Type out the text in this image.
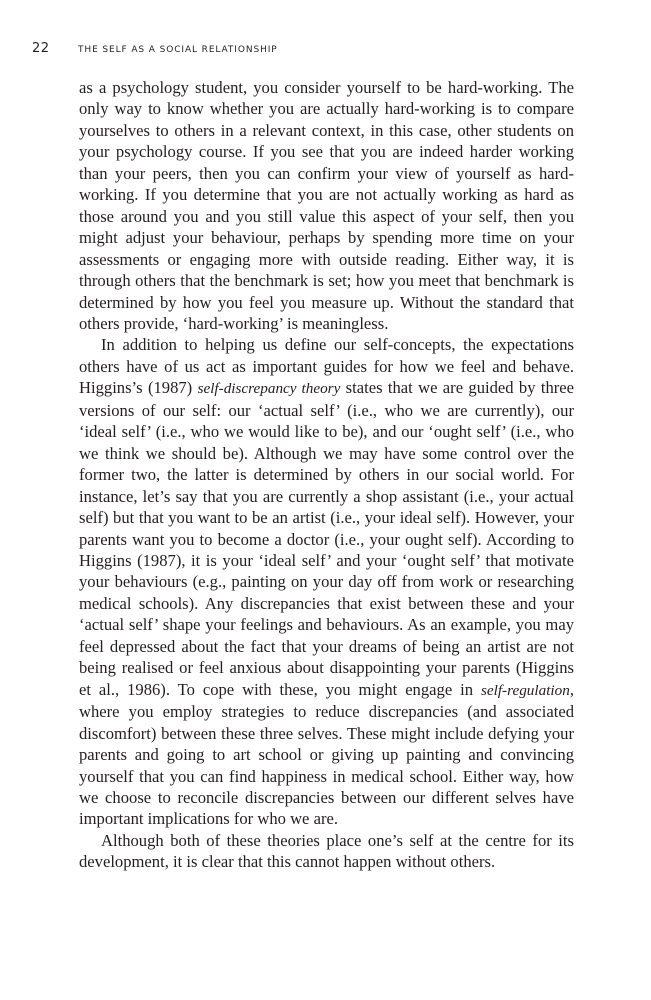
22	THE SELF AS A SOCIAL RELATIONSHIP

as a psychology student, you consider yourself to be hard-working. The only way to know whether you are actually hard-working is to compare yourselves to others in a relevant context, in this case, other students on your psychology course. If you see that you are indeed harder working than your peers, then you can confirm your view of yourself as hard-working. If you determine that you are not actually working as hard as those around you and you still value this aspect of your self, then you might adjust your behaviour, perhaps by spending more time on your assessments or engaging more with outside reading. Either way, it is through others that the benchmark is set; how you meet that benchmark is determined by how you feel you measure up. Without the standard that others provide, ‘hard-working’ is meaningless.

In addition to helping us define our self-concepts, the expectations others have of us act as important guides for how we feel and behave. Higgins’s (1987) self-discrepancy theory states that we are guided by three versions of our self: our ‘actual self’ (i.e., who we are currently), our ‘ideal self’ (i.e., who we would like to be), and our ‘ought self’ (i.e., who we think we should be). Although we may have some control over the former two, the latter is determined by others in our social world. For instance, let’s say that you are currently a shop assistant (i.e., your actual self) but that you want to be an artist (i.e., your ideal self). However, your parents want you to become a doctor (i.e., your ought self). According to Higgins (1987), it is your ‘ideal self’ and your ‘ought self’ that motivate your behaviours (e.g., painting on your day off from work or researching medical schools). Any discrepancies that exist between these and your ‘actual self’ shape your feelings and behaviours. As an example, you may feel depressed about the fact that your dreams of being an artist are not being realised or feel anxious about disappointing your parents (Higgins et al., 1986). To cope with these, you might engage in self-regulation, where you employ strategies to reduce discrepancies (and associated discomfort) between these three selves. These might include defying your parents and going to art school or giving up painting and convincing yourself that you can find happiness in medical school. Either way, how we choose to reconcile discrepancies between our different selves have important implications for who we are.

Although both of these theories place one’s self at the centre for its development, it is clear that this cannot happen without others.
